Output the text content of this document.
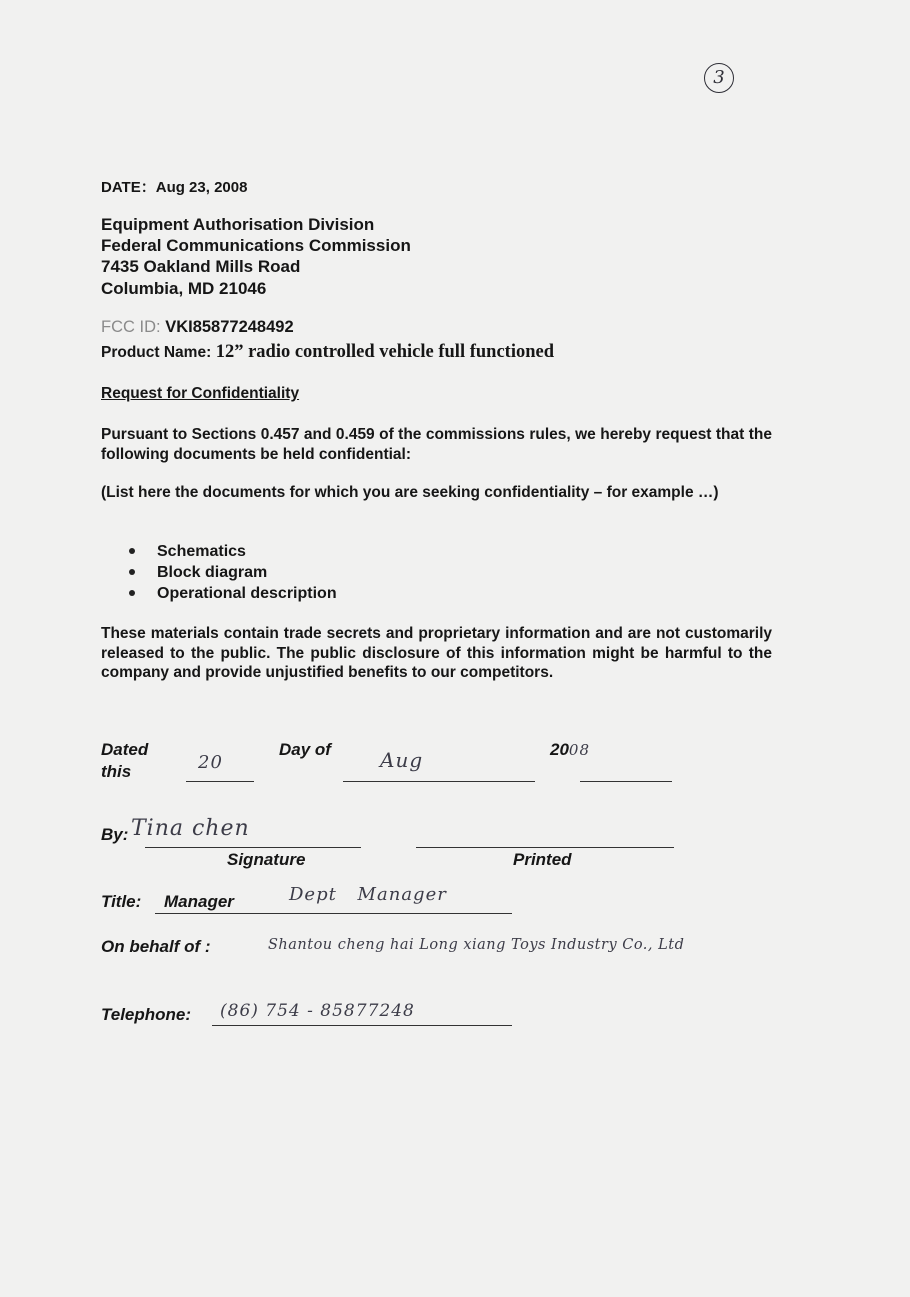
3
DATE：Aug 23, 2008
Equipment Authorisation Division
Federal Communications Commission
7435 Oakland Mills Road
Columbia, MD 21046
FCC ID: VKI85877248492
Product Name: 12” radio controlled vehicle full functioned
Request for Confidentiality
Pursuant to Sections 0.457 and 0.459 of the commissions rules, we hereby request that the following documents be held confidential:
(List here the documents for which you are seeking confidentiality – for example …)
Schematics
Block diagram
Operational description
These materials contain trade secrets and proprietary information and are not customarily released to the public. The public disclosure of this information might be harmful to the company and provide unjustified benefits to our competitors.
Dated
this	20
Day of Aug	2008
By: Tina chen
Signature	Printed
Title: Manager	Dept Manager
On behalf of :	Shantou cheng hai Long xiang Toys Industry Co., Ltd
Telephone: (86) 754 - 85877248
